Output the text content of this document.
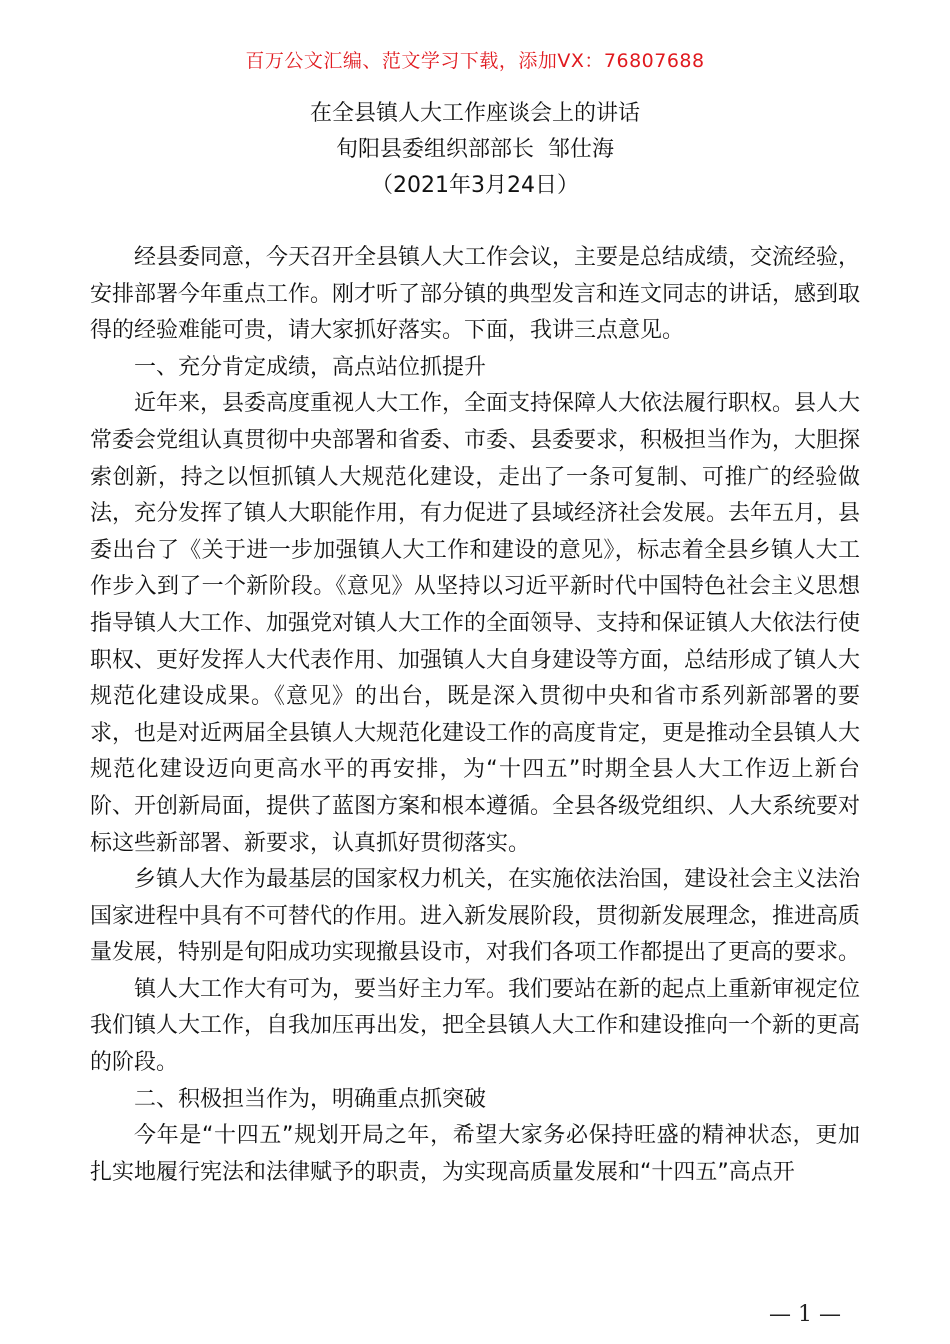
百万公文汇编、范文学习下载，添加VX：76807688
在全县镇人大工作座谈会上的讲话
旬阳县委组织部部长  邹仕海
（2021年3月24日）

经县委同意，今天召开全县镇人大工作会议，主要是总结成绩，交流经验，安排部署今年重点工作。刚才听了部分镇的典型发言和连文同志的讲话，感到取得的经验难能可贵，请大家抓好落实。下面，我讲三点意见。

一、充分肯定成绩，高点站位抓提升

近年来，县委高度重视人大工作，全面支持保障人大依法履行职权。县人大常委会党组认真贯彻中央部署和省委、市委、县委要求，积极担当作为，大胆探索创新，持之以恒抓镇人大规范化建设，走出了一条可复制、可推广的经验做法，充分发挥了镇人大职能作用，有力促进了县域经济社会发展。去年五月，县委出台了《关于进一步加强镇人大工作和建设的意见》，标志着全县乡镇人大工作步入到了一个新阶段。《意见》从坚持以习近平新时代中国特色社会主义思想指导镇人大工作、加强党对镇人大工作的全面领导、支持和保证镇人大依法行使职权、更好发挥人大代表作用、加强镇人大自身建设等方面，总结形成了镇人大规范化建设成果。《意见》的出台，既是深入贯彻中央和省市系列新部署的要求，也是对近两届全县镇人大规范化建设工作的高度肯定，更是推动全县镇人大规范化建设迈向更高水平的再安排，为“十四五”时期全县人大工作迈上新台阶、开创新局面，提供了蓝图方案和根本遵循。全县各级党组织、人大系统要对标这些新部署、新要求，认真抓好贯彻落实。

乡镇人大作为最基层的国家权力机关，在实施依法治国，建设社会主义法治国家进程中具有不可替代的作用。进入新发展阶段，贯彻新发展理念，推进高质量发展，特别是旬阳成功实现撤县设市，对我们各项工作都提出了更高的要求。

镇人大工作大有可为，要当好主力军。我们要站在新的起点上重新审视定位我们镇人大工作，自我加压再出发，把全县镇人大工作和建设推向一个新的更高的阶段。

二、积极担当作为，明确重点抓突破

今年是“十四五”规划开局之年，希望大家务必保持旺盛的精神状态，更加扎实地履行宪法和法律赋予的职责，为实现高质量发展和“十四五”高点开

— 1 —
